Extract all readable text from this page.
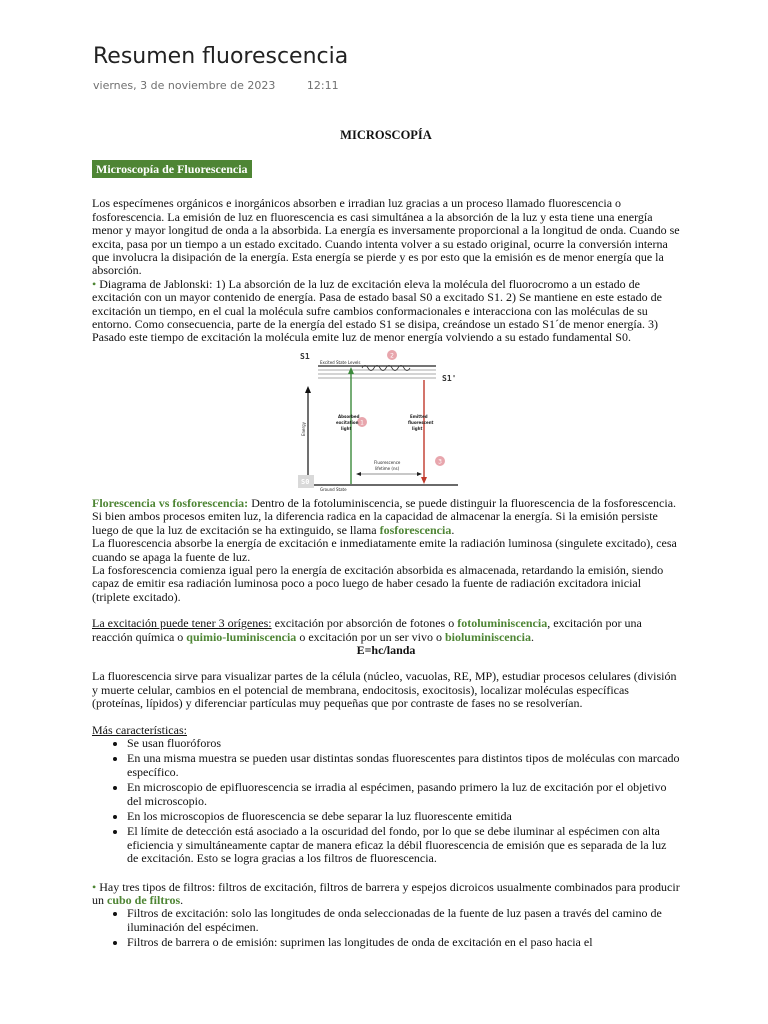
Resumen fluorescencia
viernes, 3 de noviembre de 2023	12:11
MICROSCOPÍA
Microscopía de Fluorescencia

Los especímenes orgánicos e inorgánicos absorben e irradian luz gracias a un proceso llamado fluorescencia o fosforescencia. La emisión de luz en fluorescencia es casi simultánea a la absorción de la luz y esta tiene una energía menor y mayor longitud de onda a la absorbida. La energía es inversamente proporcional a la longitud de onda. Cuando se excita, pasa por un tiempo a un estado excitado. Cuando intenta volver a su estado original, ocurre la conversión interna que involucra la disipación de la energía. Esta energía se pierde y es por esto que la emisión es de menor energía que la absorción.

• Diagrama de Jablonski: 1) La absorción de la luz de excitación eleva la molécula del fluorocromo a un estado de excitación con un mayor contenido de energía. Pasa de estado basal S0 a excitado S1. 2) Se mantiene en este estado de excitación un tiempo, en el cual la molécula sufre cambios conformacionales e interacciona con las moléculas de su entorno. Como consecuencia, parte de la energía del estado S1 se disipa, creándose un estado S1´de menor energía. 3) Pasado este tiempo de excitación la molécula emite luz de menor energía volviendo a su estado fundamental S0.

S1
Excited State Levels
S1'
2
1
3
Energy
Absorbed
excitation
light
Emitted
fluorescent
light
Fluorescence
lifetime (ns)
S0
Ground State

Florescencia vs fosforescencia: Dentro de la fotoluminiscencia, se puede distinguir la fluorescencia de la fosforescencia. Si bien ambos procesos emiten luz, la diferencia radica en la capacidad de almacenar la energía. Si la emisión persiste luego de que la luz de excitación se ha extinguido, se llama fosforescencia.

La fluorescencia absorbe la energía de excitación e inmediatamente emite la radiación luminosa (singulete excitado), cesa cuando se apaga la fuente de luz.

La fosforescencia comienza igual pero la energía de excitación absorbida es almacenada, retardando la emisión, siendo capaz de emitir esa radiación luminosa poco a poco luego de haber cesado la fuente de radiación excitadora inicial (triplete excitado).

La excitación puede tener 3 orígenes: excitación por absorción de fotones o fotoluminiscencia, excitación por una reacción química o quimio-luminiscencia o excitación por un ser vivo o bioluminiscencia.

E=hc/landa

La fluorescencia sirve para visualizar partes de la célula (núcleo, vacuolas, RE, MP), estudiar procesos celulares (división y muerte celular, cambios en el potencial de membrana, endocitosis, exocitosis), localizar moléculas específicas (proteínas, lípidos) y diferenciar partículas muy pequeñas que por contraste de fases no se resolverían.

Más características:

• Se usan fluoróforos
• En una misma muestra se pueden usar distintas sondas fluorescentes para distintos tipos de moléculas con marcado específico.
• En microscopio de epifluorescencia se irradia al espécimen, pasando primero la luz de excitación por el objetivo del microscopio.
• En los microscopios de fluorescencia se debe separar la luz fluorescente emitida
• El límite de detección está asociado a la oscuridad del fondo, por lo que se debe iluminar al espécimen con alta eficiencia y simultáneamente captar de manera eficaz la débil fluorescencia de emisión que es separada de la luz de excitación. Esto se logra gracias a los filtros de fluorescencia.

• Hay tres tipos de filtros: filtros de excitación, filtros de barrera y espejos dicroicos usualmente combinados para producir un cubo de filtros.

• Filtros de excitación: solo las longitudes de onda seleccionadas de la fuente de luz pasen a través del camino de iluminación del espécimen.
• Filtros de barrera o de emisión: suprimen las longitudes de onda de excitación en el paso hacia el
